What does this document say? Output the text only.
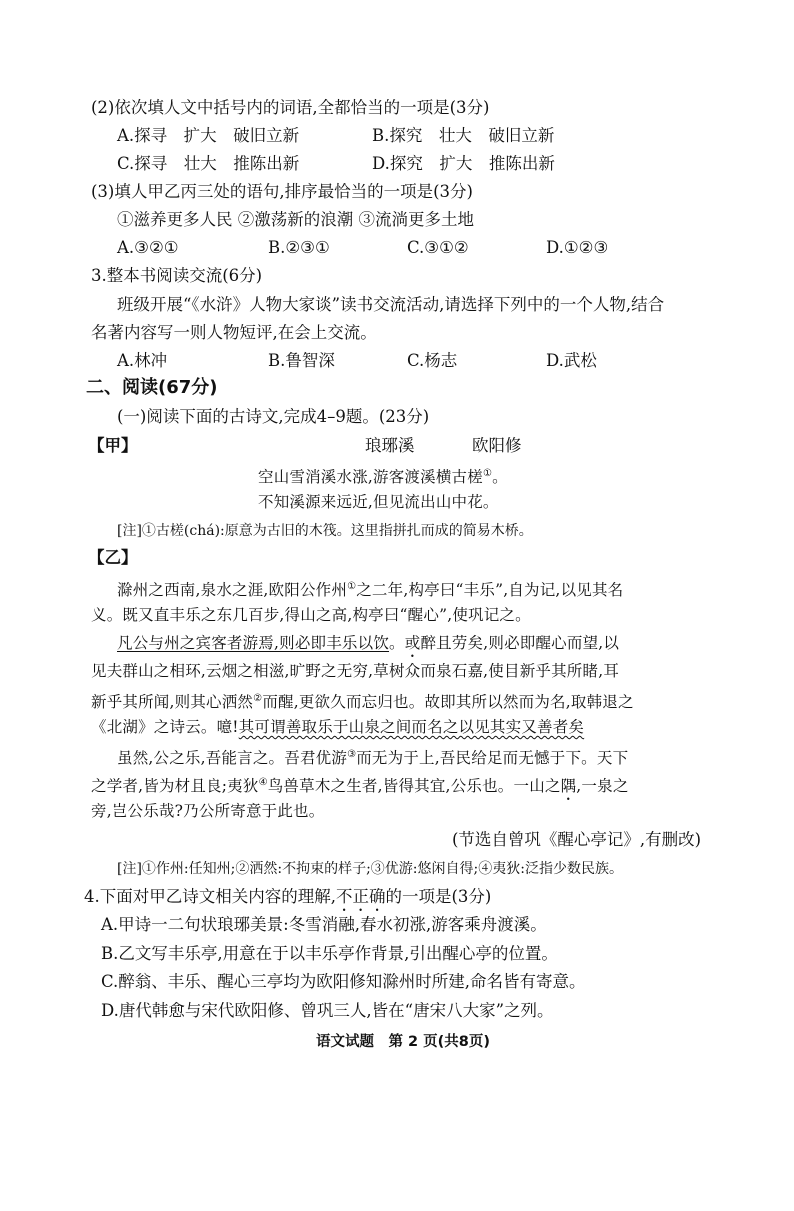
(2)依次填人文中括号内的词语,全都恰当的一项是(3分)
A.探寻　扩大　破旧立新	B.探究　壮大　破旧立新
C.探寻　壮大　推陈出新	D.探究　扩大　推陈出新
(3)填人甲乙丙三处的语句,排序最恰当的一项是(3分)
①滋养更多人民 ②激荡新的浪潮 ③流淌更多土地
A.③②①	B.②③①	C.③①②	D.①②③
3.整本书阅读交流(6分)
班级开展“《水浒》人物大家谈”读书交流活动,请选择下列中的一个人物,结合
名著内容写一则人物短评,在会上交流。
A.林冲	B.鲁智深	C.杨志	D.武松
二、阅读(67分)
(一)阅读下面的古诗文,完成4–9题。(23分)
【甲】	琅琊溪	欧阳修
空山雪消溪水涨,游客渡溪横古槎①。
不知溪源来远近,但见流出山中花。
[注]①古槎(chá):原意为古旧的木筏。这里指拼扎而成的简易木桥。
【乙】
滁州之西南,泉水之涯,欧阳公作州①之二年,构亭曰“丰乐”,自为记,以见其名
义。既又直丰乐之东几百步,得山之高,构亭曰“醒心”,使巩记之。
凡公与州之宾客者游焉,则必即丰乐以饮。或醉且劳矣,则必即醒心而望,以
见夫群山之相环,云烟之相滋,旷野之无穷,草树众而泉石嘉,使目新乎其所睹,耳
新乎其所闻,则其心洒然②而醒,更欲久而忘归也。故即其所以然而为名,取韩退之
《北湖》之诗云。噫!其可谓善取乐于山泉之间而名之以见其实又善者矣
虽然,公之乐,吾能言之。吾君优游③而无为于上,吾民给足而无憾于下。天下
之学者,皆为材且良;夷狄④鸟兽草木之生者,皆得其宜,公乐也。一山之隅,一泉之
旁,岂公乐哉?乃公所寄意于此也。
(节选自曾巩《醒心亭记》,有删改)
[注]①作州:任知州;②洒然:不拘束的样子;③优游:悠闲自得;④夷狄:泛指少数民族。
4.下面对甲乙诗文相关内容的理解,不正确的一项是(3分)
A.甲诗一二句状琅琊美景:冬雪消融,春水初涨,游客乘舟渡溪。
B.乙文写丰乐亭,用意在于以丰乐亭作背景,引出醒心亭的位置。
C.醉翁、丰乐、醒心三亭均为欧阳修知滁州时所建,命名皆有寄意。
D.唐代韩愈与宋代欧阳修、曾巩三人,皆在“唐宋八大家”之列。
语文试题　第 2 页(共8页)
